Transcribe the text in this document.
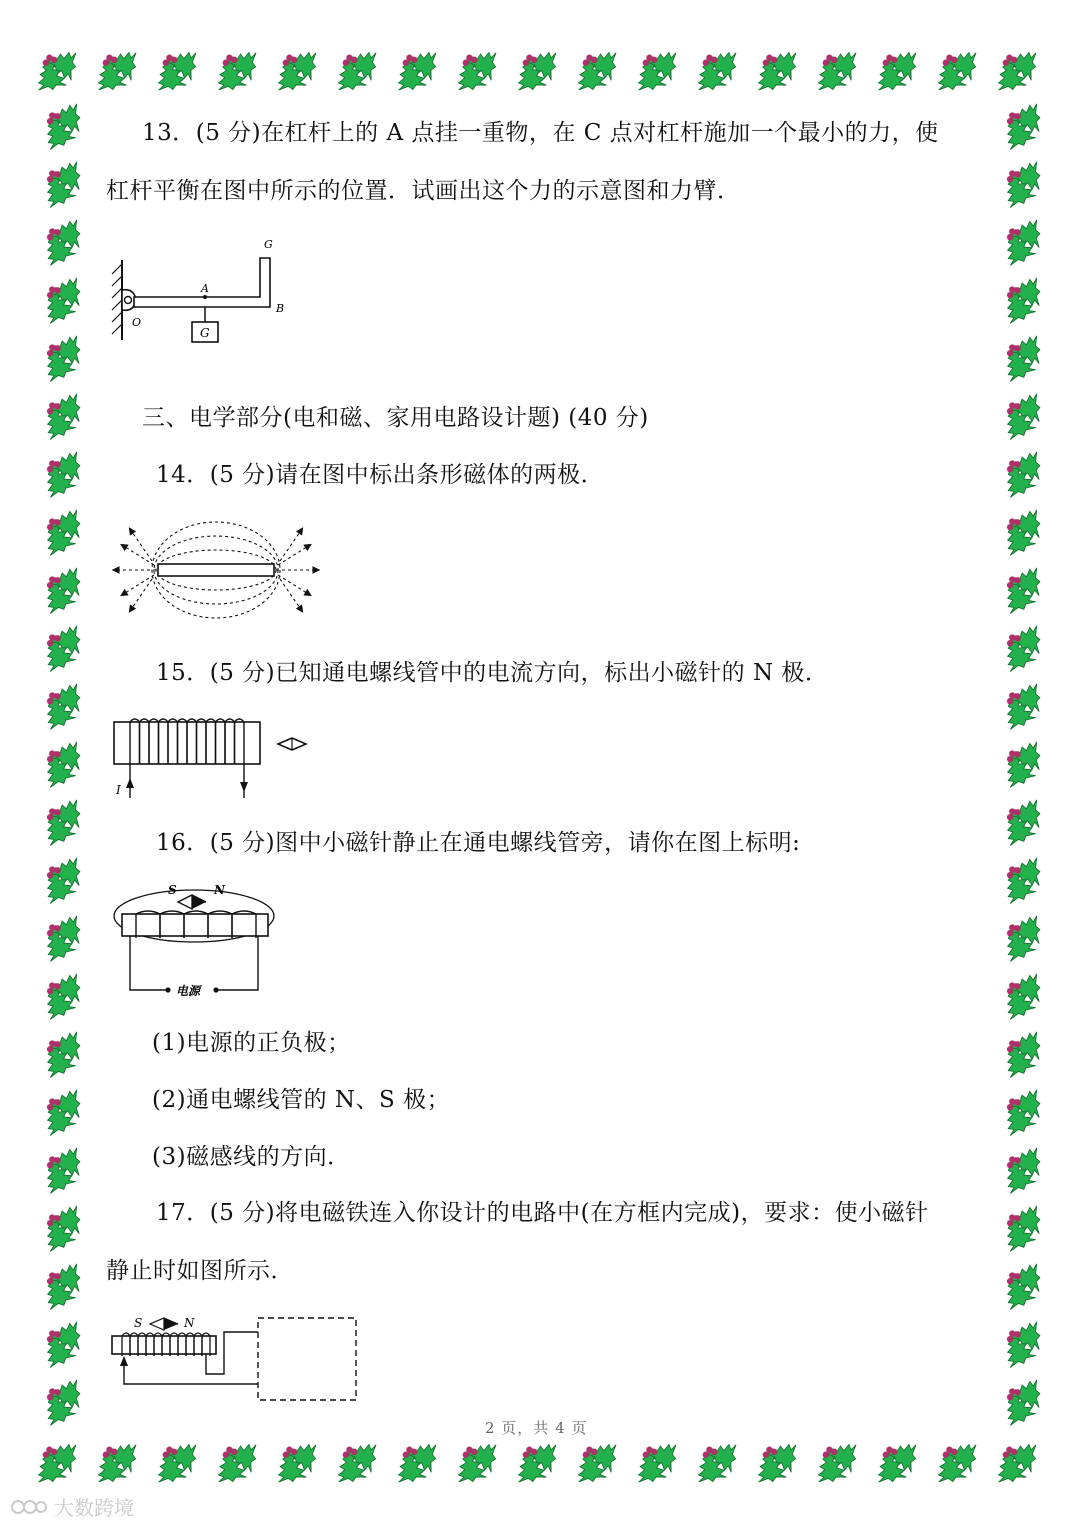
13．(5 分)在杠杆上的 A 点挂一重物，在 C 点对杠杆施加一个最小的力，使
杠杆平衡在图中所示的位置．试画出这个力的示意图和力臂．
G
A
O
B
G
三、电学部分(电和磁、家用电路设计题) (40 分)
14．(5 分)请在图中标出条形磁体的两极．
15．(5 分)已知通电螺线管中的电流方向，标出小磁针的 N 极．
I
16．(5 分)图中小磁针静止在通电螺线管旁，请你在图上标明:
S	N
电源
(1)电源的正负极；
(2)通电螺线管的 N、S 极；
(3)磁感线的方向．
17．(5 分)将电磁铁连入你设计的电路中(在方框内完成)，要求：使小磁针
静止时如图所示．
S	N
2 页，共 4 页
大数跨境
